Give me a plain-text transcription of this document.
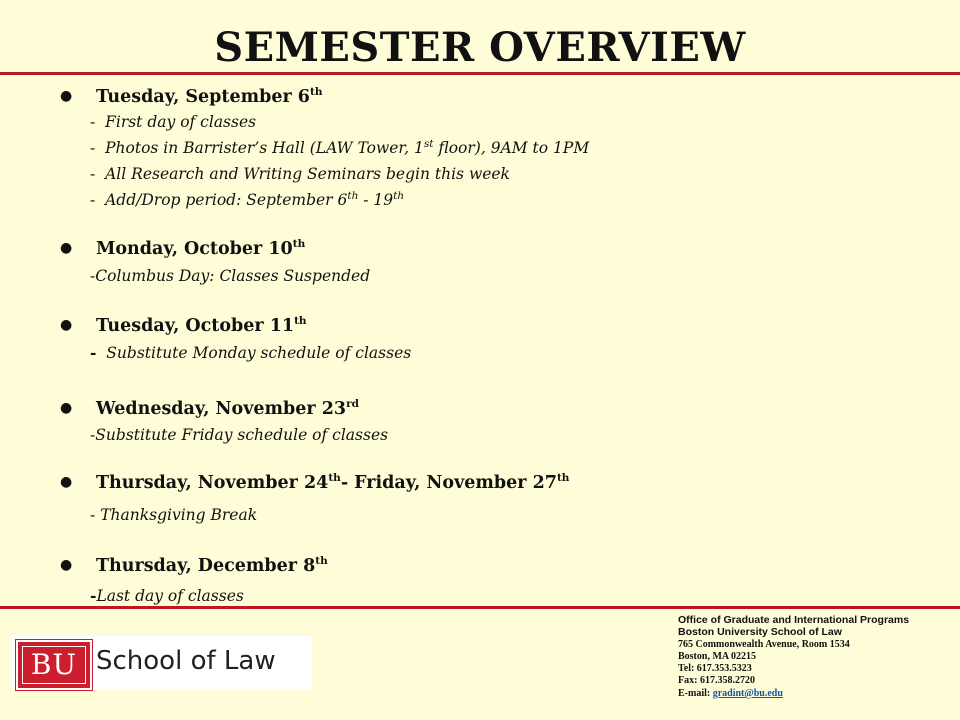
SEMESTER OVERVIEW
● Tuesday, September 6th
- First day of classes
- Photos in Barrister’s Hall (LAW Tower, 1st floor), 9AM to 1PM
- All Research and Writing Seminars begin this week
- Add/Drop period: September 6th - 19th
● Monday, October 10th
-Columbus Day: Classes Suspended
● Tuesday, October 11th
- Substitute Monday schedule of classes
● Wednesday, November 23rd
-Substitute Friday schedule of classes
● Thursday, November 24th- Friday, November 27th
- Thanksgiving Break
● Thursday, December 8th
-Last day of classes
BU School of Law
Office of Graduate and International Programs
Boston University School of Law
765 Commonwealth Avenue, Room 1534
Boston, MA 02215
Tel: 617.353.5323
Fax: 617.358.2720
E-mail: gradint@bu.edu
